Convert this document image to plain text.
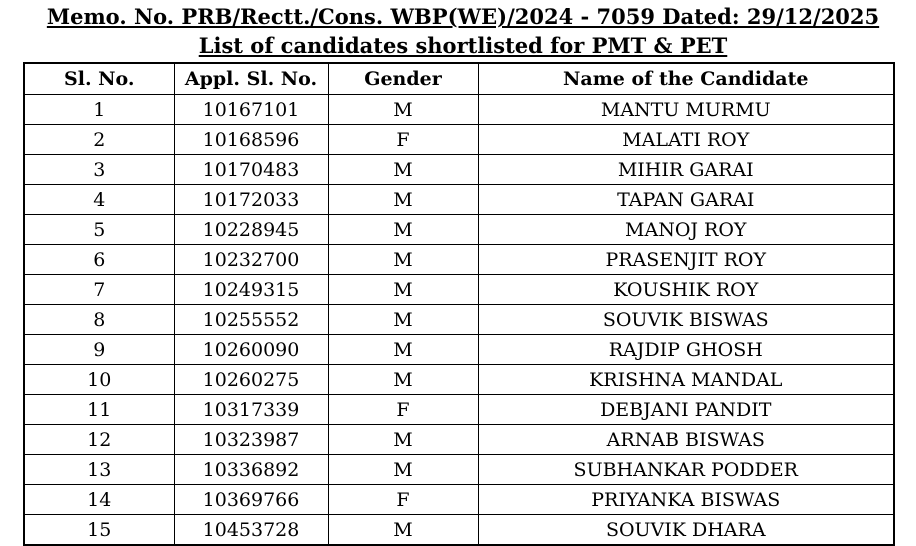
Memo. No. PRB/Rectt./Cons. WBP(WE)/2024 - 7059 Dated: 29/12/2025
List of candidates shortlisted for PMT & PET
Sl. No.	Appl. Sl. No.	Gender	Name of the Candidate
1	10167101	M	MANTU MURMU
2	10168596	F	MALATI ROY
3	10170483	M	MIHIR GARAI
4	10172033	M	TAPAN GARAI
5	10228945	M	MANOJ ROY
6	10232700	M	PRASENJIT ROY
7	10249315	M	KOUSHIK ROY
8	10255552	M	SOUVIK BISWAS
9	10260090	M	RAJDIP GHOSH
10	10260275	M	KRISHNA MANDAL
11	10317339	F	DEBJANI PANDIT
12	10323987	M	ARNAB BISWAS
13	10336892	M	SUBHANKAR PODDER
14	10369766	F	PRIYANKA BISWAS
15	10453728	M	SOUVIK DHARA
